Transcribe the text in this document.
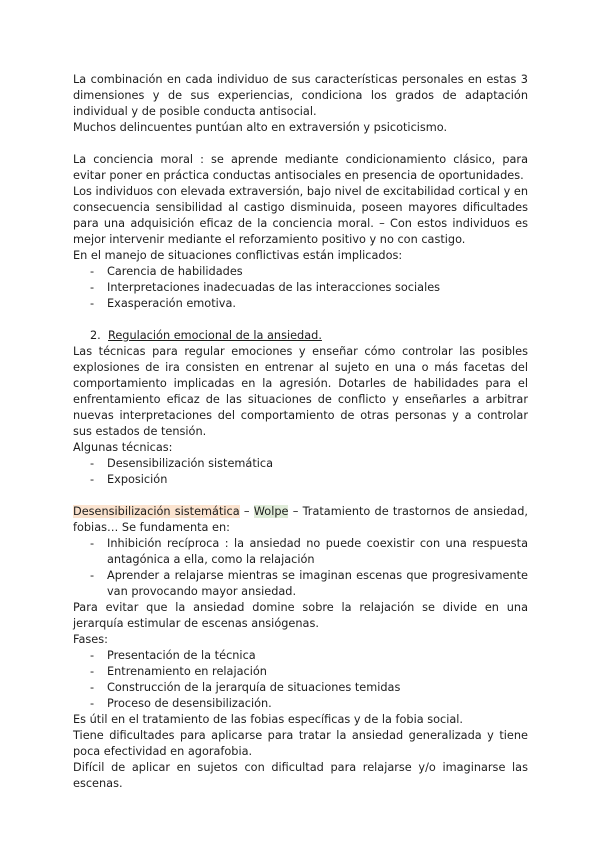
La combinación en cada individuo de sus características personales en estas 3 dimensiones y de sus experiencias, condiciona los grados de adaptación individual y de posible conducta antisocial.

Muchos delincuentes puntúan alto en extraversión y psicoticismo.

La conciencia moral : se aprende mediante condicionamiento clásico, para evitar poner en práctica conductas antisociales en presencia de oportunidades.

Los individuos con elevada extraversión, bajo nivel de excitabilidad cortical y en consecuencia sensibilidad al castigo disminuida, poseen mayores dificultades para una adquisición eficaz de la conciencia moral. – Con estos individuos es mejor intervenir mediante el reforzamiento positivo y no con castigo.

En el manejo de situaciones conflictivas están implicados:

- Carencia de habilidades
- Interpretaciones inadecuadas de las interacciones sociales
- Exasperación emotiva.

2. Regulación emocional de la ansiedad.

Las técnicas para regular emociones y enseñar cómo controlar las posibles explosiones de ira consisten en entrenar al sujeto en una o más facetas del comportamiento implicadas en la agresión. Dotarles de habilidades para el enfrentamiento eficaz de las situaciones de conflicto y enseñarles a arbitrar nuevas interpretaciones del comportamiento de otras personas y a controlar sus estados de tensión.

Algunas técnicas:

- Desensibilización sistemática
- Exposición

Desensibilización sistemática – Wolpe – Tratamiento de trastornos de ansiedad, fobias… Se fundamenta en:

- Inhibición recíproca : la ansiedad no puede coexistir con una respuesta antagónica a ella, como la relajación
- Aprender a relajarse mientras se imaginan escenas que progresivamente van provocando mayor ansiedad.

Para evitar que la ansiedad domine sobre la relajación se divide en una jerarquía estimular de escenas ansiógenas.

Fases:

- Presentación de la técnica
- Entrenamiento en relajación
- Construcción de la jerarquía de situaciones temidas
- Proceso de desensibilización.

Es útil en el tratamiento de las fobias específicas y de la fobia social.

Tiene dificultades para aplicarse para tratar la ansiedad generalizada y tiene poca efectividad en agorafobia.

Difícil de aplicar en sujetos con dificultad para relajarse y/o imaginarse las escenas.
